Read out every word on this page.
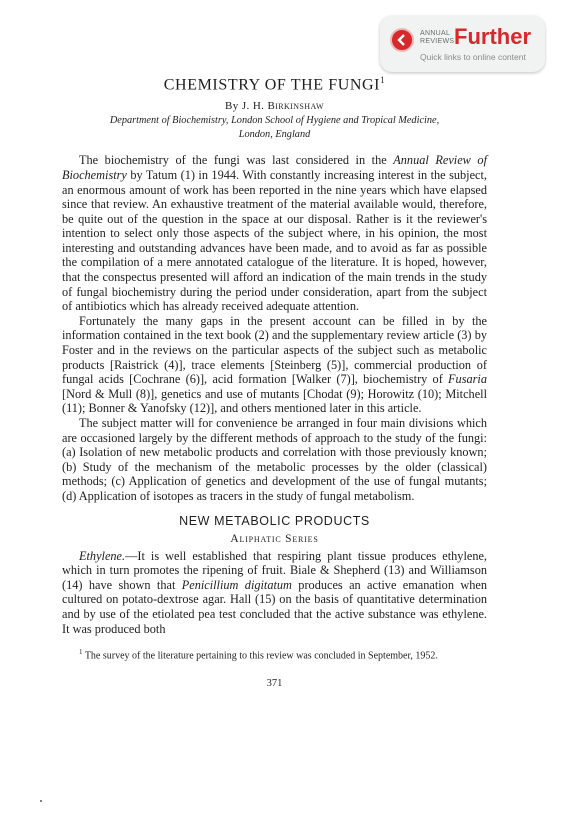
ANNUAL
REVIEWS Further
Quick links to online content
CHEMISTRY OF THE FUNGI$^1$
By J. H. Birkinshaw
Department of Biochemistry, London School of Hygiene and Tropical Medicine,
London, England

The biochemistry of the fungi was last considered in the Annual Review of Biochemistry by Tatum (1) in 1944. With constantly increasing interest in the subject, an enormous amount of work has been reported in the nine years which have elapsed since that review. An exhaustive treatment of the material available would, therefore, be quite out of the question in the space at our disposal. Rather is it the reviewer's intention to select only those aspects of the subject where, in his opinion, the most interesting and outstanding advances have been made, and to avoid as far as possible the compilation of a mere annotated catalogue of the literature. It is hoped, however, that the conspectus presented will afford an indication of the main trends in the study of fungal biochemistry during the period under consideration, apart from the subject of antibiotics which has already received adequate attention.

Fortunately the many gaps in the present account can be filled in by the information contained in the text book (2) and the supplementary review article (3) by Foster and in the reviews on the particular aspects of the subject such as metabolic products [Raistrick (4)], trace elements [Steinberg (5)], commercial production of fungal acids [Cochrane (6)], acid formation [Walker (7)], biochemistry of Fusaria [Nord & Mull (8)], genetics and use of mutants [Chodat (9); Horowitz (10); Mitchell (11); Bonner & Yanofsky (12)], and others mentioned later in this article.

The subject matter will for convenience be arranged in four main divisions which are occasioned largely by the different methods of approach to the study of the fungi: (a) Isolation of new metabolic products and correlation with those previously known; (b) Study of the mechanism of the metabolic processes by the older (classical) methods; (c) Application of genetics and development of the use of fungal mutants; (d) Application of isotopes as tracers in the study of fungal metabolism.

NEW METABOLIC PRODUCTS
Aliphatic Series

Ethylene.—It is well established that respiring plant tissue produces ethylene, which in turn promotes the ripening of fruit. Biale & Shepherd (13) and Williamson (14) have shown that Penicillium digitatum produces an active emanation when cultured on potato-dextrose agar. Hall (15) on the basis of quantitative determination and by use of the etiolated pea test concluded that the active substance was ethylene. It was produced both

$^1$ The survey of the literature pertaining to this review was concluded in September, 1952.
371
